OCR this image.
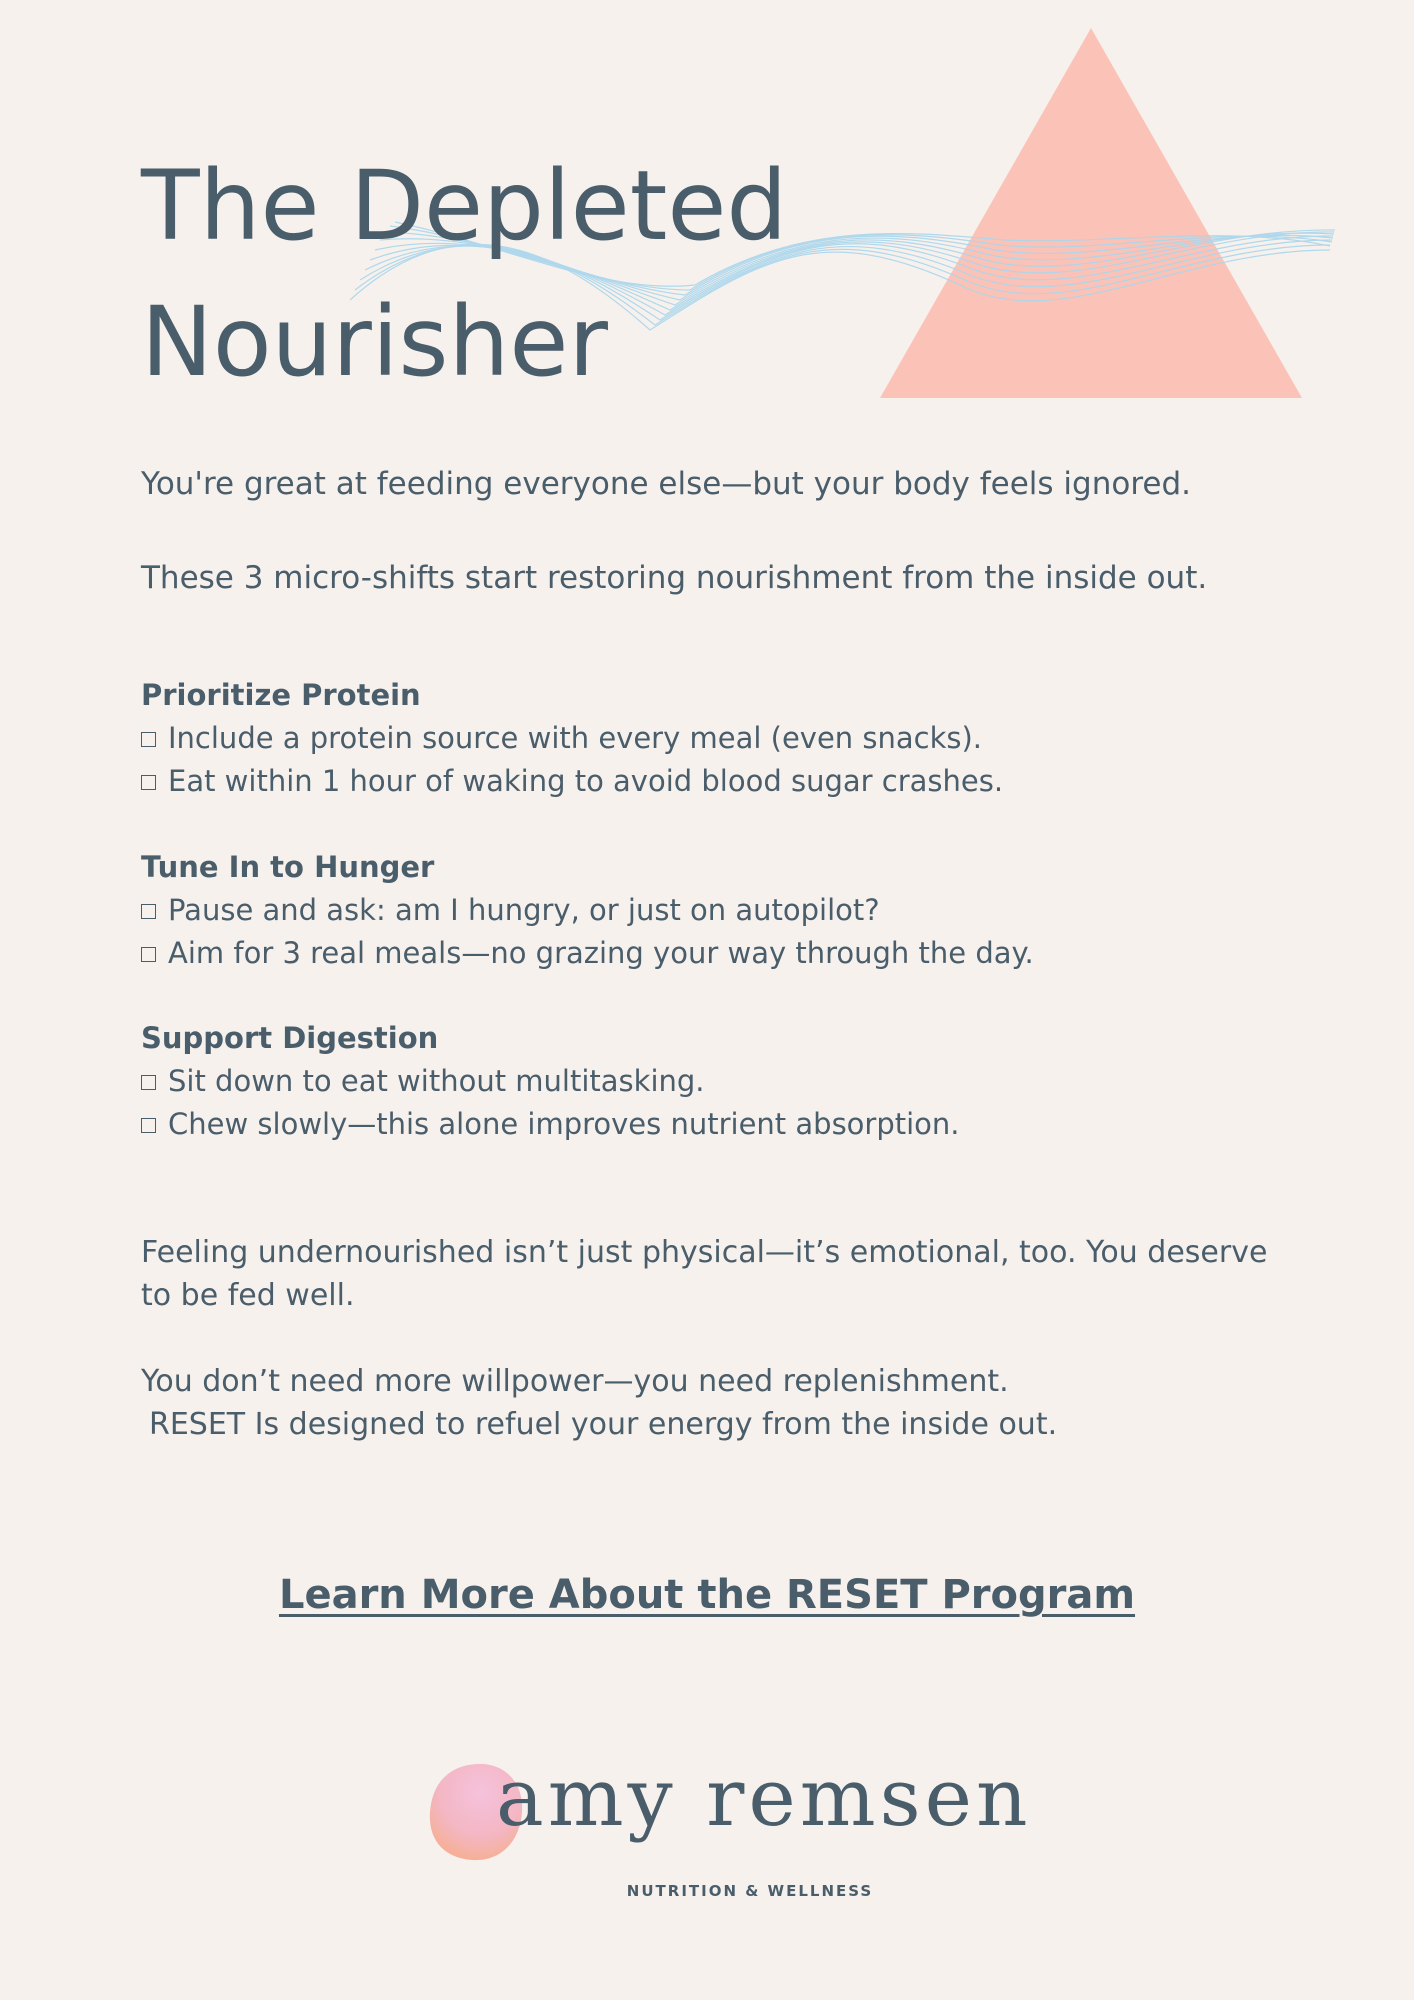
The Depleted
Nourisher

You're great at feeding everyone else—but your body feels ignored.

These 3 micro-shifts start restoring nourishment from the inside out.

Prioritize Protein
Include a protein source with every meal (even snacks).
Eat within 1 hour of waking to avoid blood sugar crashes.
Tune In to Hunger
Pause and ask: am I hungry, or just on autopilot?
Aim for 3 real meals—no grazing your way through the day.
Support Digestion
Sit down to eat without multitasking.
Chew slowly—this alone improves nutrient absorption.

Feeling undernourished isn’t just physical—it’s emotional, too. You deserve to be fed well.

You don’t need more willpower—you need replenishment.
RESET Is designed to refuel your energy from the inside out.

Learn More About the RESET Program
amy remsen
NUTRITION & WELLNESS
